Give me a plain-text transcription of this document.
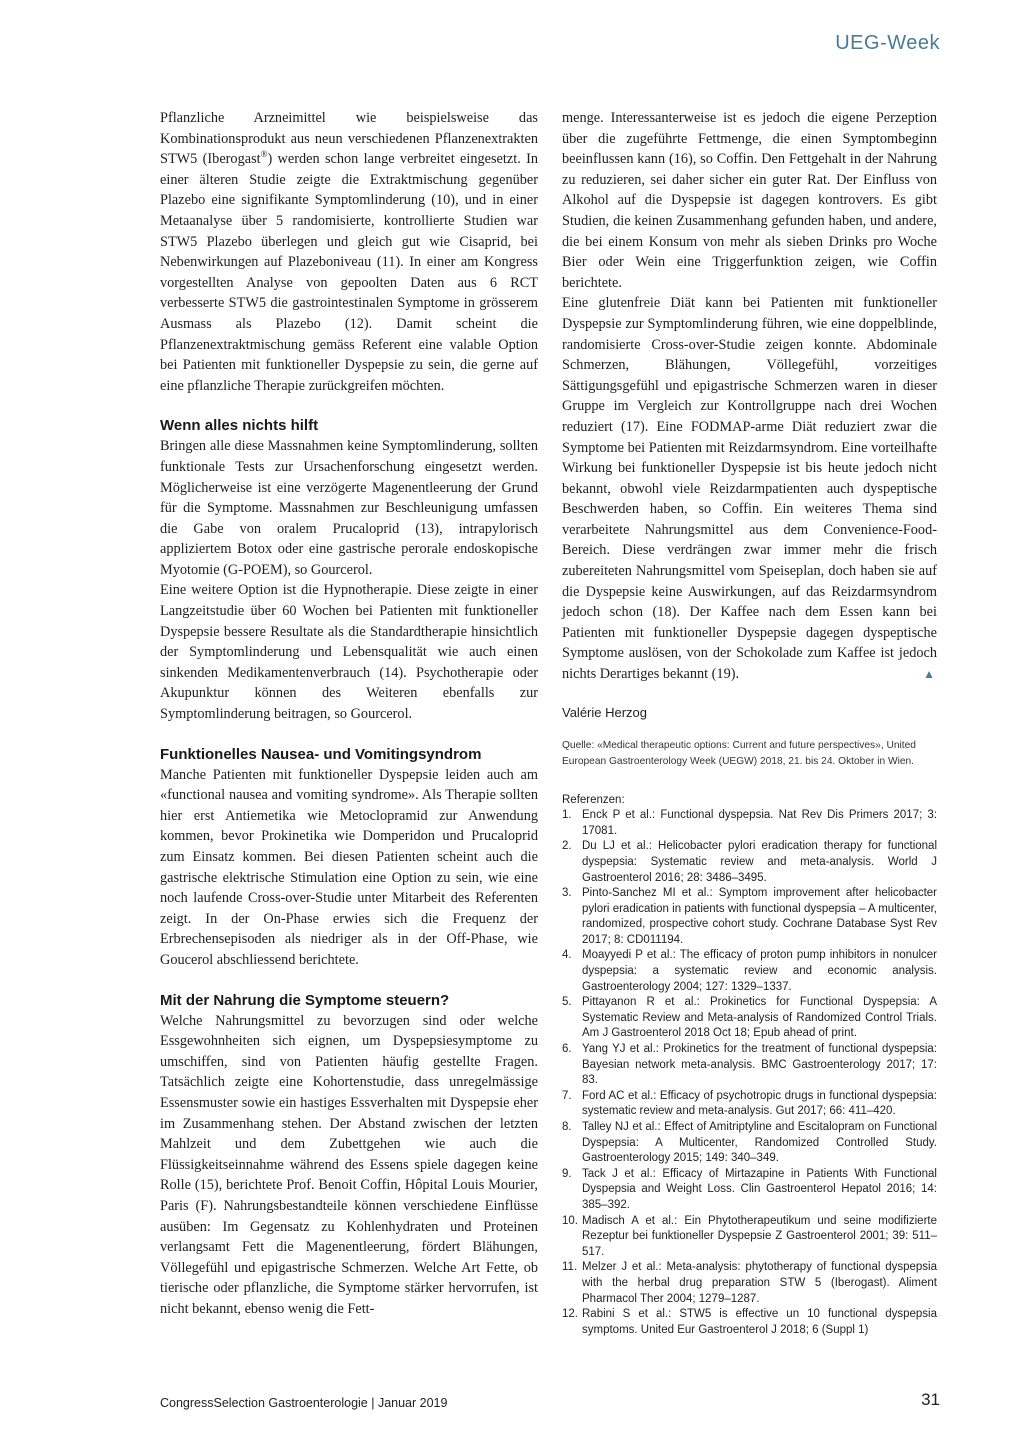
UEG-Week

Pflanzliche Arzneimittel wie beispielsweise das Kombinationsprodukt aus neun verschiedenen Pflanzenextrakten STW5 (Iberogast®) werden schon lange verbreitet eingesetzt. In einer älteren Studie zeigte die Extraktmischung gegenüber Plazebo eine signifikante Symptomlinderung (10), und in einer Metaanalyse über 5 randomisierte, kontrollierte Studien war STW5 Plazebo überlegen und gleich gut wie Cisaprid, bei Nebenwirkungen auf Plazeboniveau (11). In einer am Kongress vorgestellten Analyse von gepoolten Daten aus 6 RCT verbesserte STW5 die gastrointestinalen Symptome in grösserem Ausmass als Plazebo (12). Damit scheint die Pflanzenextraktmischung gemäss Referent eine valable Option bei Patienten mit funktioneller Dyspepsie zu sein, die gerne auf eine pflanzliche Therapie zurückgreifen möchten.

Wenn alles nichts hilft

Bringen alle diese Massnahmen keine Symptomlinderung, sollten funktionale Tests zur Ursachenforschung eingesetzt werden. Möglicherweise ist eine verzögerte Magenentleerung der Grund für die Symptome. Massnahmen zur Beschleunigung umfassen die Gabe von oralem Prucaloprid (13), intrapylorisch appliziertem Botox oder eine gastrische perorale endoskopische Myotomie (G-POEM), so Gourcerol.

Eine weitere Option ist die Hypnotherapie. Diese zeigte in einer Langzeitstudie über 60 Wochen bei Patienten mit funktioneller Dyspepsie bessere Resultate als die Standardtherapie hinsichtlich der Symptomlinderung und Lebensqualität wie auch einen sinkenden Medikamentenverbrauch (14). Psychotherapie oder Akupunktur können des Weiteren ebenfalls zur Symptomlinderung beitragen, so Gourcerol.

Funktionelles Nausea- und Vomitingsyndrom

Manche Patienten mit funktioneller Dyspepsie leiden auch am «functional nausea and vomiting syndrome». Als Therapie sollten hier erst Antiemetika wie Metoclopramid zur Anwendung kommen, bevor Prokinetika wie Domperidon und Prucaloprid zum Einsatz kommen. Bei diesen Patienten scheint auch die gastrische elektrische Stimulation eine Option zu sein, wie eine noch laufende Cross-over-Studie unter Mitarbeit des Referenten zeigt. In der On-Phase erwies sich die Frequenz der Erbrechensepisoden als niedriger als in der Off-Phase, wie Goucerol abschliessend berichtete.

Mit der Nahrung die Symptome steuern?

Welche Nahrungsmittel zu bevorzugen sind oder welche Essgewohnheiten sich eignen, um Dyspepsiesymptome zu umschiffen, sind von Patienten häufig gestellte Fragen. Tatsächlich zeigte eine Kohortenstudie, dass unregelmässige Essensmuster sowie ein hastiges Essverhalten mit Dyspepsie eher im Zusammenhang stehen. Der Abstand zwischen der letzten Mahlzeit und dem Zubettgehen wie auch die Flüssigkeitseinnahme während des Essens spiele dagegen keine Rolle (15), berichtete Prof. Benoit Coffin, Hôpital Louis Mourier, Paris (F). Nahrungsbestandteile können verschiedene Einflüsse ausüben: Im Gegensatz zu Kohlenhydraten und Proteinen verlangsamt Fett die Magenentleerung, fördert Blähungen, Völlegefühl und epigastrische Schmerzen. Welche Art Fette, ob tierische oder pflanzliche, die Symptome stärker hervorrufen, ist nicht bekannt, ebenso wenig die Fett-

menge. Interessanterweise ist es jedoch die eigene Perzeption über die zugeführte Fettmenge, die einen Symptombeginn beeinflussen kann (16), so Coffin. Den Fettgehalt in der Nahrung zu reduzieren, sei daher sicher ein guter Rat. Der Einfluss von Alkohol auf die Dyspepsie ist dagegen kontrovers. Es gibt Studien, die keinen Zusammenhang gefunden haben, und andere, die bei einem Konsum von mehr als sieben Drinks pro Woche Bier oder Wein eine Triggerfunktion zeigen, wie Coffin berichtete.

Eine glutenfreie Diät kann bei Patienten mit funktioneller Dyspepsie zur Symptomlinderung führen, wie eine doppelblinde, randomisierte Cross-over-Studie zeigen konnte. Abdominale Schmerzen, Blähungen, Völlegefühl, vorzeitiges Sättigungsgefühl und epigastrische Schmerzen waren in dieser Gruppe im Vergleich zur Kontrollgruppe nach drei Wochen reduziert (17). Eine FODMAP-arme Diät reduziert zwar die Symptome bei Patienten mit Reizdarmsyndrom. Eine vorteilhafte Wirkung bei funktioneller Dyspepsie ist bis heute jedoch nicht bekannt, obwohl viele Reizdarmpatienten auch dyspeptische Beschwerden haben, so Coffin. Ein weiteres Thema sind verarbeitete Nahrungsmittel aus dem Convenience-Food-Bereich. Diese verdrängen zwar immer mehr die frisch zubereiteten Nahrungsmittel vom Speiseplan, doch haben sie auf die Dyspepsie keine Auswirkungen, auf das Reizdarmsyndrom jedoch schon (18). Der Kaffee nach dem Essen kann bei Patienten mit funktioneller Dyspepsie dagegen dyspeptische Symptome auslösen, von der Schokolade zum Kaffee ist jedoch nichts Derartiges bekannt (19).	▲

Valérie Herzog

Quelle: «Medical therapeutic options: Current and future perspectives», United European Gastroenterology Week (UEGW) 2018, 21. bis 24. Oktober in Wien.

Referenzen:

1. Enck P et al.: Functional dyspepsia. Nat Rev Dis Primers 2017; 3: 17081.
2. Du LJ et al.: Helicobacter pylori eradication therapy for functional dyspepsia: Systematic review and meta-analysis. World J Gastroenterol 2016; 28: 3486–3495.
3. Pinto-Sanchez MI et al.: Symptom improvement after helicobacter pylori eradication in patients with functional dyspepsia – A multicenter, randomized, prospective cohort study. Cochrane Database Syst Rev 2017; 8: CD011194.
4. Moayyedi P et al.: The efficacy of proton pump inhibitors in nonulcer dyspepsia: a systematic review and economic analysis. Gastroenterology 2004; 127: 1329–1337.
5. Pittayanon R et al.: Prokinetics for Functional Dyspepsia: A Systematic Review and Meta-analysis of Randomized Control Trials. Am J Gastroenterol 2018 Oct 18; Epub ahead of print.
6. Yang YJ et al.: Prokinetics for the treatment of functional dyspepsia: Bayesian network meta-analysis. BMC Gastroenterology 2017; 17: 83.
7. Ford AC et al.: Efficacy of psychotropic drugs in functional dyspepsia: systematic review and meta-analysis. Gut 2017; 66: 411–420.
8. Talley NJ et al.: Effect of Amitriptyline and Escitalopram on Functional Dyspepsia: A Multicenter, Randomized Controlled Study. Gastroenterology 2015; 149: 340–349.
9. Tack J et al.: Efficacy of Mirtazapine in Patients With Functional Dyspepsia and Weight Loss. Clin Gastroenterol Hepatol 2016; 14: 385–392.
10. Madisch A et al.: Ein Phytotherapeutikum und seine modifizierte Rezeptur bei funktioneller Dyspepsie Z Gastroenterol 2001; 39: 511–517.
11. Melzer J et al.: Meta-analysis: phytotherapy of functional dyspepsia with the herbal drug preparation STW 5 (Iberogast). Aliment Pharmacol Ther 2004; 1279–1287.
12. Rabini S et al.: STW5 is effective un 10 functional dyspepsia symptoms. United Eur Gastroenterol J 2018; 6 (Suppl 1)
CongressSelection Gastroenterologie | Januar 2019	31
